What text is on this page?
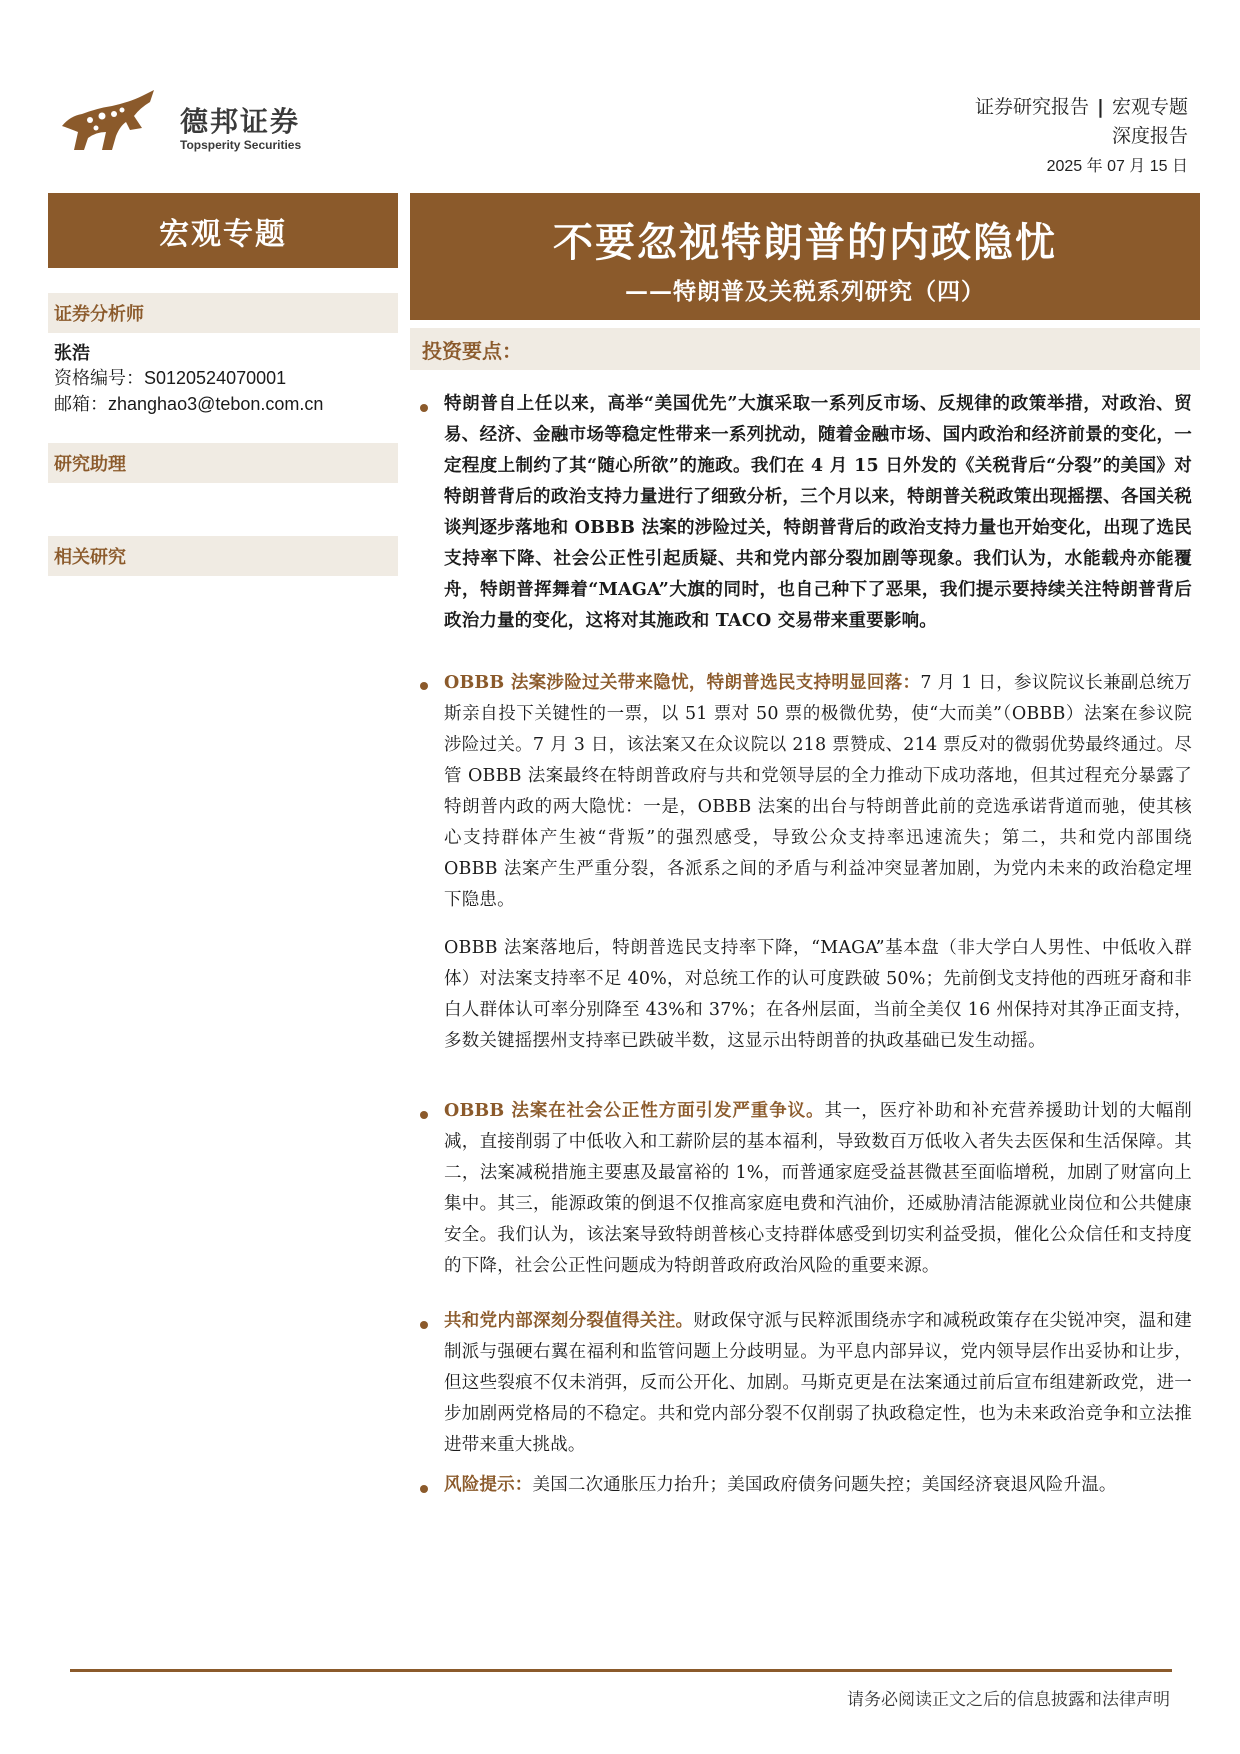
德邦证券
Topsperity Securities
证券研究报告 | 宏观专题
深度报告
2025 年 07 月 15 日
宏观专题
证券分析师
张浩
资格编号：S0120524070001
邮箱：zhanghao3@tebon.com.cn
研究助理
相关研究
不要忽视特朗普的内政隐忧
——特朗普及关税系列研究（四）
投资要点：
特朗普自上任以来，高举“美国优先”大旗采取一系列反市场、反规律的政策举措，对政治、贸易、经济、金融市场等稳定性带来一系列扰动，随着金融市场、国内政治和经济前景的变化，一定程度上制约了其“随心所欲”的施政。我们在 4 月 15 日外发的《关税背后“分裂”的美国》对特朗普背后的政治支持力量进行了细致分析，三个月以来，特朗普关税政策出现摇摆、各国关税谈判逐步落地和 OBBB 法案的涉险过关，特朗普背后的政治支持力量也开始变化，出现了选民支持率下降、社会公正性引起质疑、共和党内部分裂加剧等现象。我们认为，水能载舟亦能覆舟，特朗普挥舞着“MAGA”大旗的同时，也自己种下了恶果，我们提示要持续关注特朗普背后政治力量的变化，这将对其施政和 TACO 交易带来重要影响。
OBBB 法案涉险过关带来隐忧，特朗普选民支持明显回落：7 月 1 日，参议院议长兼副总统万斯亲自投下关键性的一票，以 51 票对 50 票的极微优势，使“大而美”（OBBB）法案在参议院涉险过关。7 月 3 日，该法案又在众议院以 218 票赞成、214 票反对的微弱优势最终通过。尽管 OBBB 法案最终在特朗普政府与共和党领导层的全力推动下成功落地，但其过程充分暴露了特朗普内政的两大隐忧：一是，OBBB 法案的出台与特朗普此前的竞选承诺背道而驰，使其核心支持群体产生被“背叛”的强烈感受，导致公众支持率迅速流失；第二，共和党内部围绕 OBBB 法案产生严重分裂，各派系之间的矛盾与利益冲突显著加剧，为党内未来的政治稳定埋下隐患。
OBBB 法案落地后，特朗普选民支持率下降，“MAGA”基本盘（非大学白人男性、中低收入群体）对法案支持率不足 40%，对总统工作的认可度跌破 50%；先前倒戈支持他的西班牙裔和非白人群体认可率分别降至 43%和 37%；在各州层面，当前全美仅 16 州保持对其净正面支持，多数关键摇摆州支持率已跌破半数，这显示出特朗普的执政基础已发生动摇。
OBBB 法案在社会公正性方面引发严重争议。其一，医疗补助和补充营养援助计划的大幅削减，直接削弱了中低收入和工薪阶层的基本福利，导致数百万低收入者失去医保和生活保障。其二，法案减税措施主要惠及最富裕的 1%，而普通家庭受益甚微甚至面临增税，加剧了财富向上集中。其三，能源政策的倒退不仅推高家庭电费和汽油价，还威胁清洁能源就业岗位和公共健康安全。我们认为，该法案导致特朗普核心支持群体感受到切实利益受损，催化公众信任和支持度的下降，社会公正性问题成为特朗普政府政治风险的重要来源。
共和党内部深刻分裂值得关注。财政保守派与民粹派围绕赤字和减税政策存在尖锐冲突，温和建制派与强硬右翼在福利和监管问题上分歧明显。为平息内部异议，党内领导层作出妥协和让步，但这些裂痕不仅未消弭，反而公开化、加剧。马斯克更是在法案通过前后宣布组建新政党，进一步加剧两党格局的不稳定。共和党内部分裂不仅削弱了执政稳定性，也为未来政治竞争和立法推进带来重大挑战。
风险提示：美国二次通胀压力抬升；美国政府债务问题失控；美国经济衰退风险升温。
请务必阅读正文之后的信息披露和法律声明
